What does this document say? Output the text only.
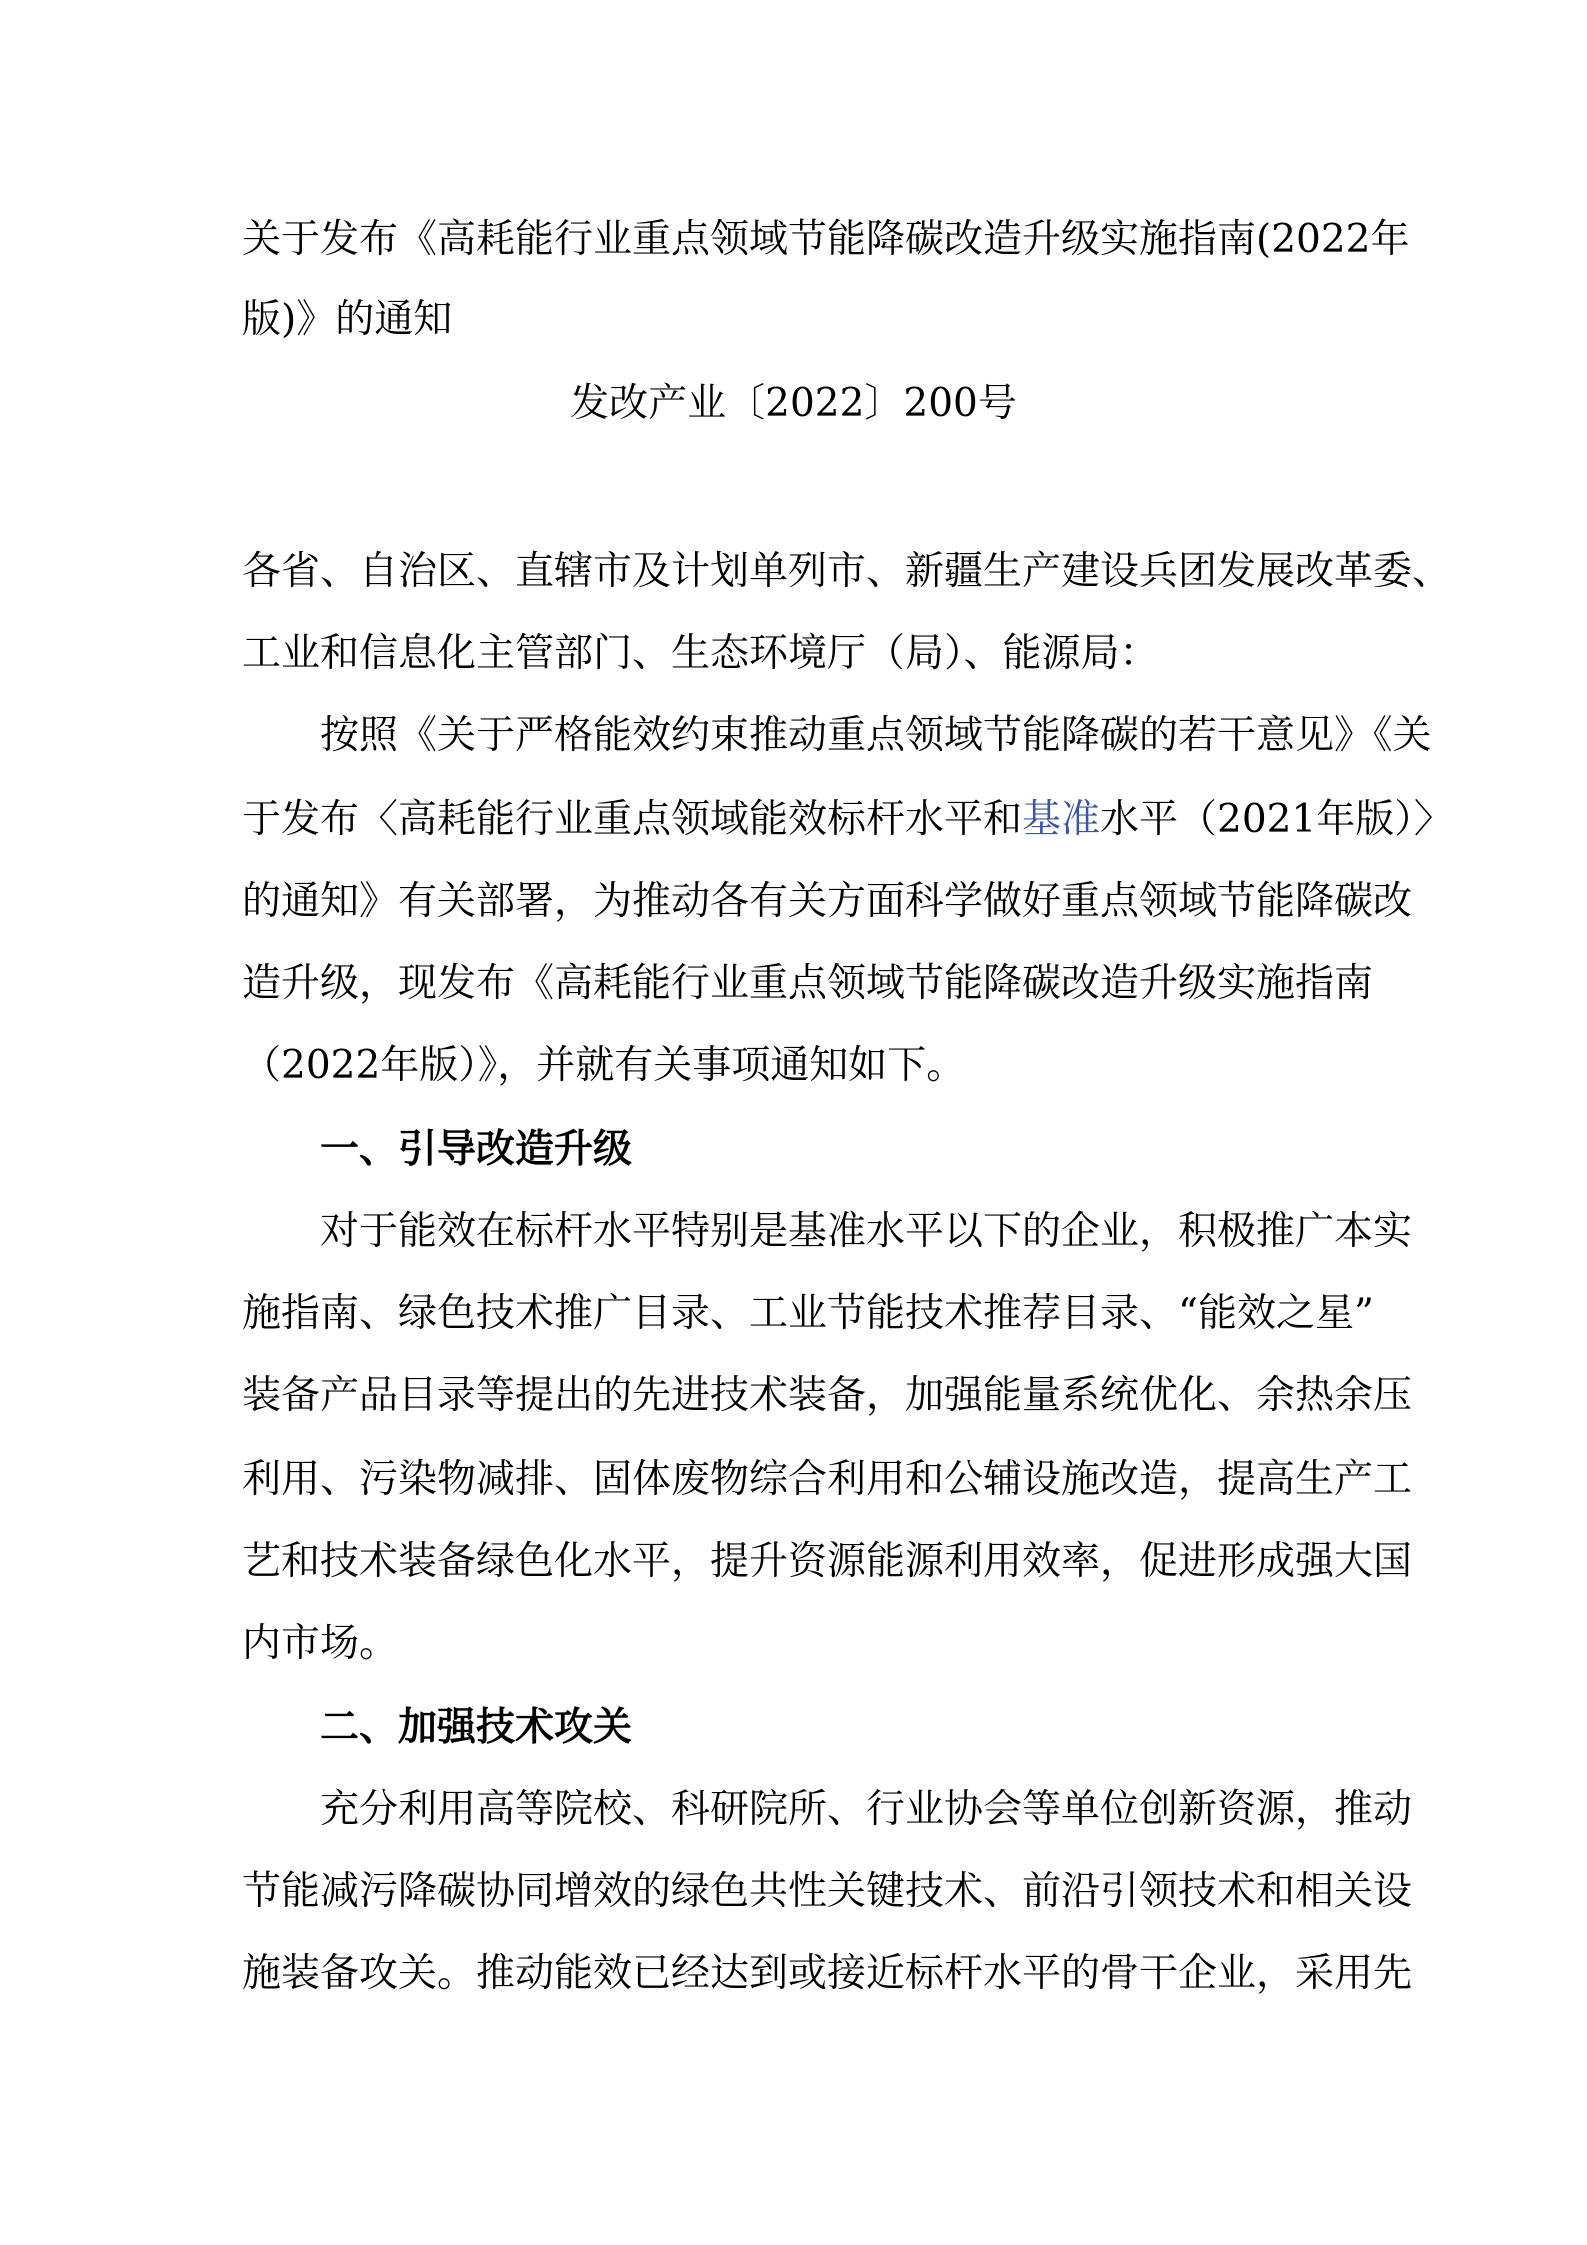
关于发布《高耗能行业重点领域节能降碳改造升级实施指南(2022年
版)》的通知
发改产业〔2022〕200号
各省、自治区、直辖市及计划单列市、新疆生产建设兵团发展改革委、
工业和信息化主管部门、生态环境厅（局）、能源局：
按照《关于严格能效约束推动重点领域节能降碳的若干意见》《关
于发布〈高耗能行业重点领域能效标杆水平和基准水平（2021年版）〉
的通知》有关部署，为推动各有关方面科学做好重点领域节能降碳改
造升级，现发布《高耗能行业重点领域节能降碳改造升级实施指南
（2022年版）》，并就有关事项通知如下。
一、引导改造升级
对于能效在标杆水平特别是基准水平以下的企业，积极推广本实
施指南、绿色技术推广目录、工业节能技术推荐目录、“能效之星”
装备产品目录等提出的先进技术装备，加强能量系统优化、余热余压
利用、污染物减排、固体废物综合利用和公辅设施改造，提高生产工
艺和技术装备绿色化水平，提升资源能源利用效率，促进形成强大国
内市场。
二、加强技术攻关
充分利用高等院校、科研院所、行业协会等单位创新资源，推动
节能减污降碳协同增效的绿色共性关键技术、前沿引领技术和相关设
施装备攻关。推动能效已经达到或接近标杆水平的骨干企业，采用先
